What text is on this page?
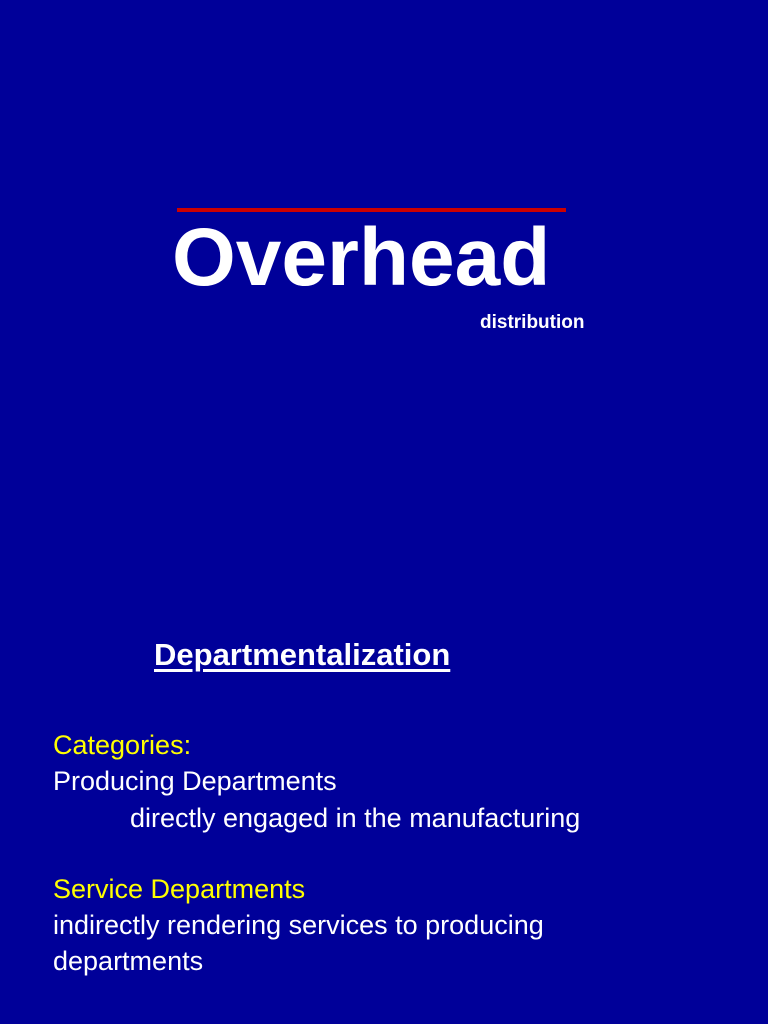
Overhead

distribution

Departmentalization

Categories:

Producing Departments

directly engaged in the manufacturing

Service Departments

indirectly rendering services to producing

departments
